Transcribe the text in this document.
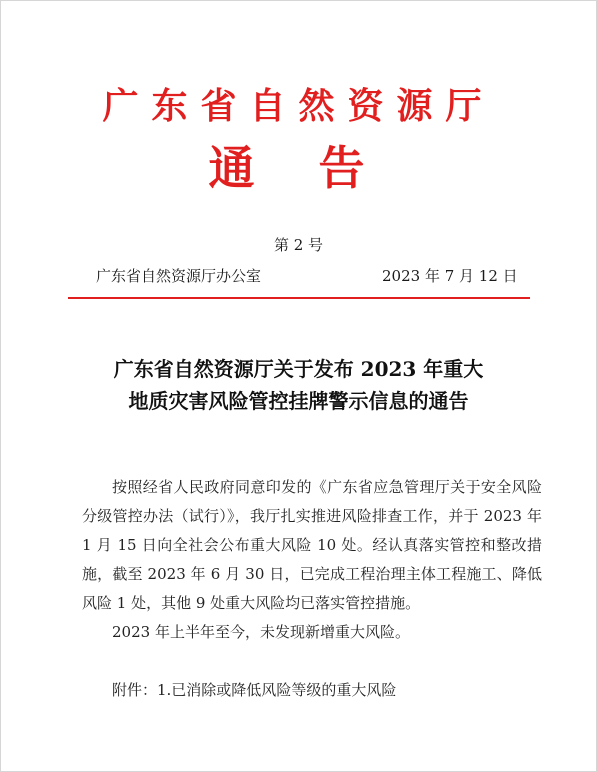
广东省自然资源厅
通告
第 2 号
广东省自然资源厅办公室	2023 年 7 月 12 日
广东省自然资源厅关于发布 2023 年重大
地质灾害风险管控挂牌警示信息的通告

按照经省人民政府同意印发的《广东省应急管理厅关于安全风险分级管控办法（试行）》，我厅扎实推进风险排查工作，并于 2023 年 1 月 15 日向全社会公布重大风险 10 处。经认真落实管控和整改措施，截至 2023 年 6 月 30 日，已完成工程治理主体工程施工、降低风险 1 处，其他 9 处重大风险均已落实管控措施。

2023 年上半年至今，未发现新增重大风险。

附件：1.已消除或降低风险等级的重大风险
